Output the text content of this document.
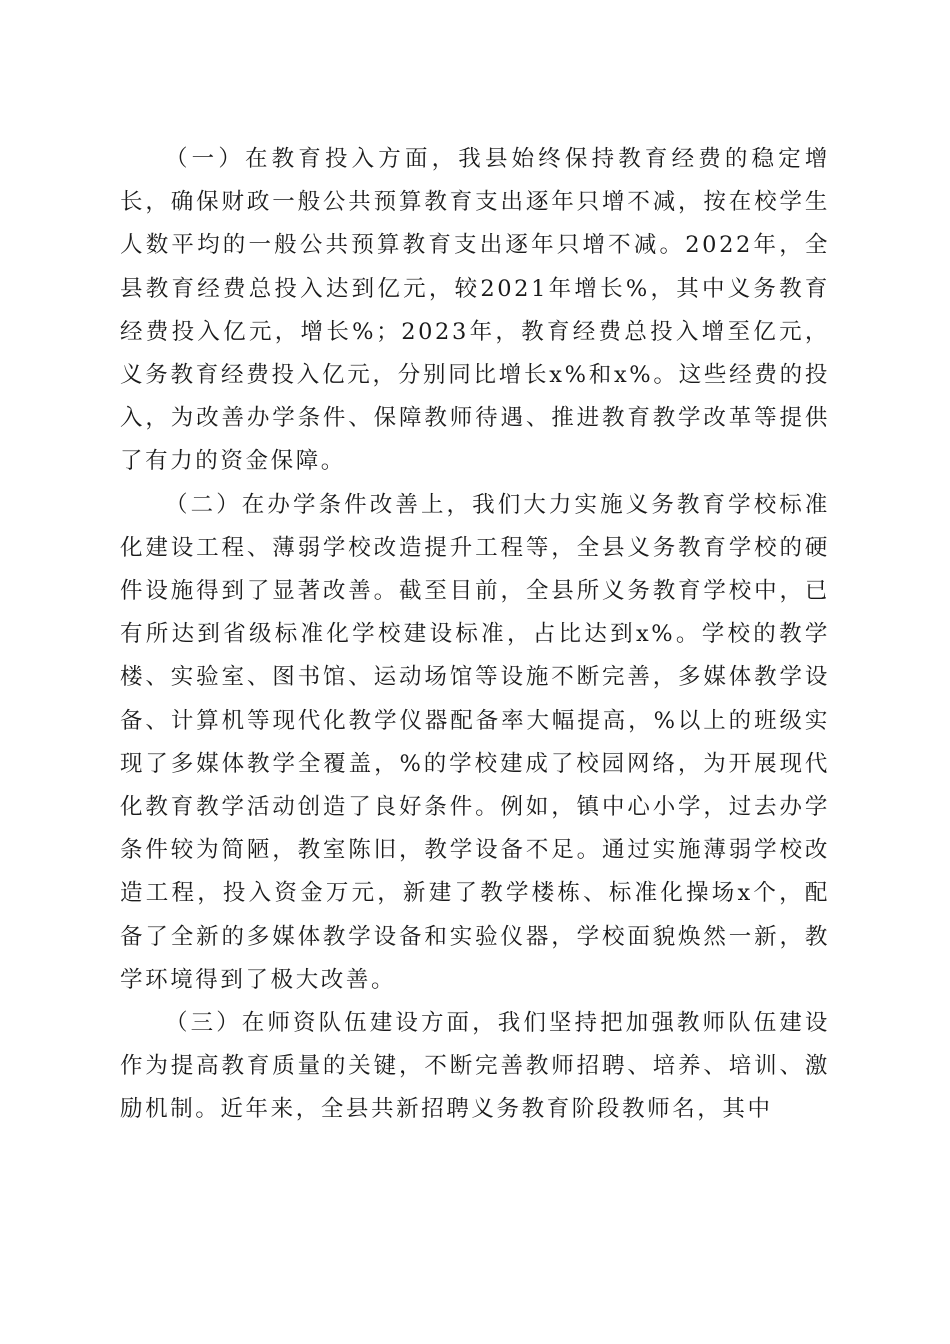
（一）在教育投入方面，我县始终保持教育经费的稳定增长，确保财政一般公共预算教育支出逐年只增不减，按在校学生人数平均的一般公共预算教育支出逐年只增不减。2022年，全县教育经费总投入达到亿元，较2021年增长%，其中义务教育经费投入亿元，增长%；2023年，教育经费总投入增至亿元，义务教育经费投入亿元，分别同比增长x%和x%。这些经费的投入，为改善办学条件、保障教师待遇、推进教育教学改革等提供了有力的资金保障。

（二）在办学条件改善上，我们大力实施义务教育学校标准化建设工程、薄弱学校改造提升工程等，全县义务教育学校的硬件设施得到了显著改善。截至目前，全县所义务教育学校中，已有所达到省级标准化学校建设标准，占比达到x%。学校的教学楼、实验室、图书馆、运动场馆等设施不断完善，多媒体教学设备、计算机等现代化教学仪器配备率大幅提高，%以上的班级实现了多媒体教学全覆盖，%的学校建成了校园网络，为开展现代化教育教学活动创造了良好条件。例如，镇中心小学，过去办学条件较为简陋，教室陈旧，教学设备不足。通过实施薄弱学校改造工程，投入资金万元，新建了教学楼栋、标准化操场x个，配备了全新的多媒体教学设备和实验仪器，学校面貌焕然一新，教学环境得到了极大改善。

（三）在师资队伍建设方面，我们坚持把加强教师队伍建设作为提高教育质量的关键，不断完善教师招聘、培养、培训、激励机制。近年来，全县共新招聘义务教育阶段教师名，其中
